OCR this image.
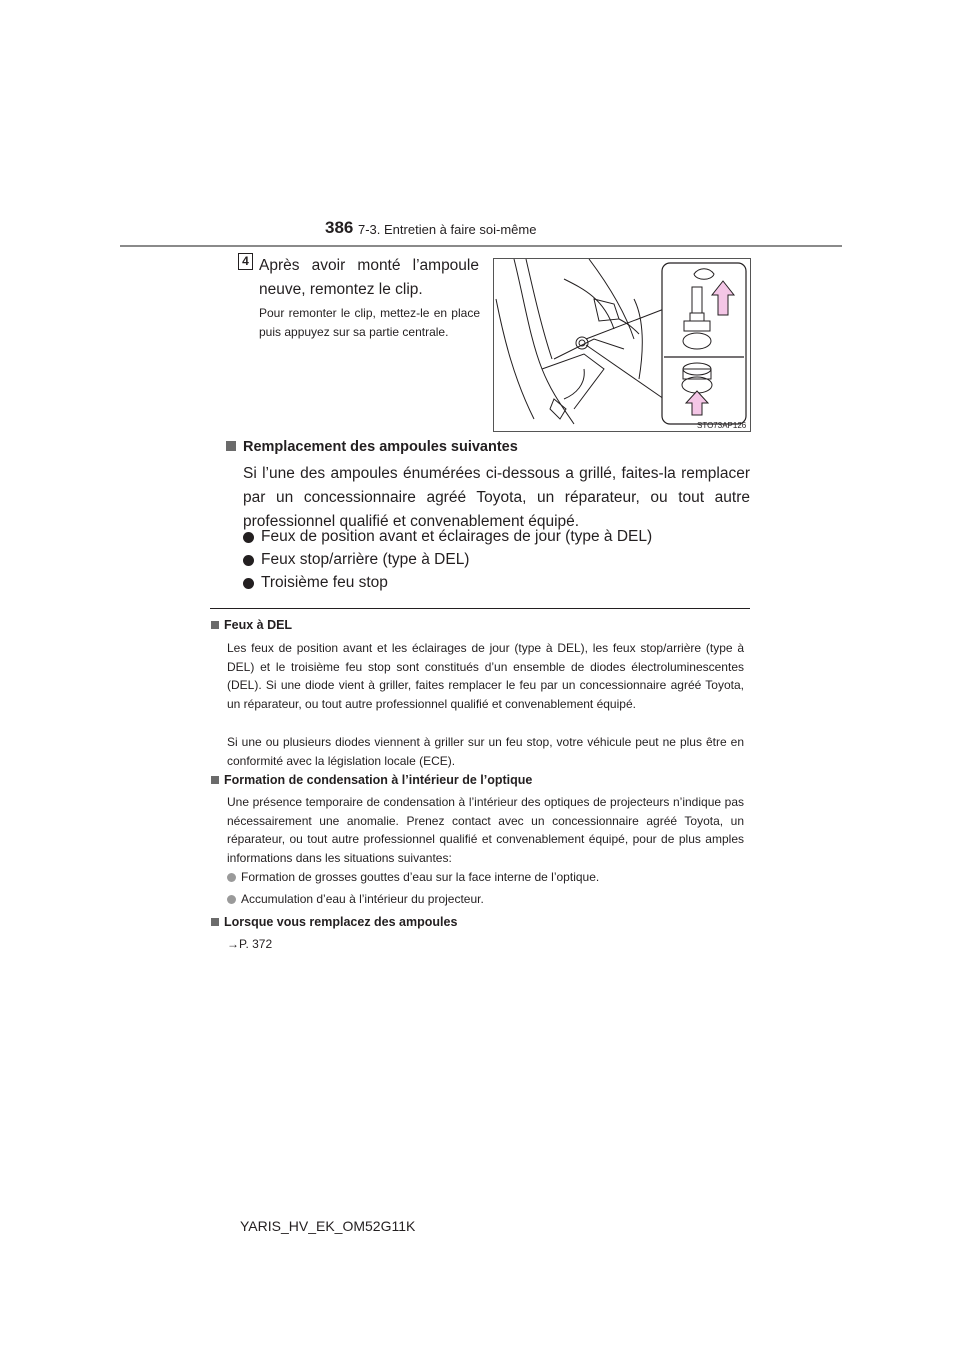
386 7-3. Entretien à faire soi-même
4 Après avoir monté l’ampoule neuve, remontez le clip.
Pour remonter le clip, mettez-le en place puis appuyez sur sa partie centrale.
STO73AP126
Remplacement des ampoules suivantes
Si l’une des ampoules énumérées ci-dessous a grillé, faites-la remplacer par un concessionnaire agréé Toyota, un réparateur, ou tout autre professionnel qualifié et convenablement équipé.
Feux de position avant et éclairages de jour (type à DEL)
Feux stop/arrière (type à DEL)
Troisième feu stop
Feux à DEL
Les feux de position avant et les éclairages de jour (type à DEL), les feux stop/arrière (type à DEL) et le troisième feu stop sont constitués d’un ensemble de diodes électroluminescentes (DEL). Si une diode vient à griller, faites remplacer le feu par un concessionnaire agréé Toyota, un réparateur, ou tout autre professionnel qualifié et convenablement équipé.
Si une ou plusieurs diodes viennent à griller sur un feu stop, votre véhicule peut ne plus être en conformité avec la législation locale (ECE).
Formation de condensation à l’intérieur de l’optique
Une présence temporaire de condensation à l’intérieur des optiques de projecteurs n’indique pas nécessairement une anomalie. Prenez contact avec un concessionnaire agréé Toyota, un réparateur, ou tout autre professionnel qualifié et convenablement équipé, pour de plus amples informations dans les situations suivantes:
Formation de grosses gouttes d’eau sur la face interne de l’optique.
Accumulation d’eau à l’intérieur du projecteur.
Lorsque vous remplacez des ampoules
→P. 372
YARIS_HV_EK_OM52G11K
